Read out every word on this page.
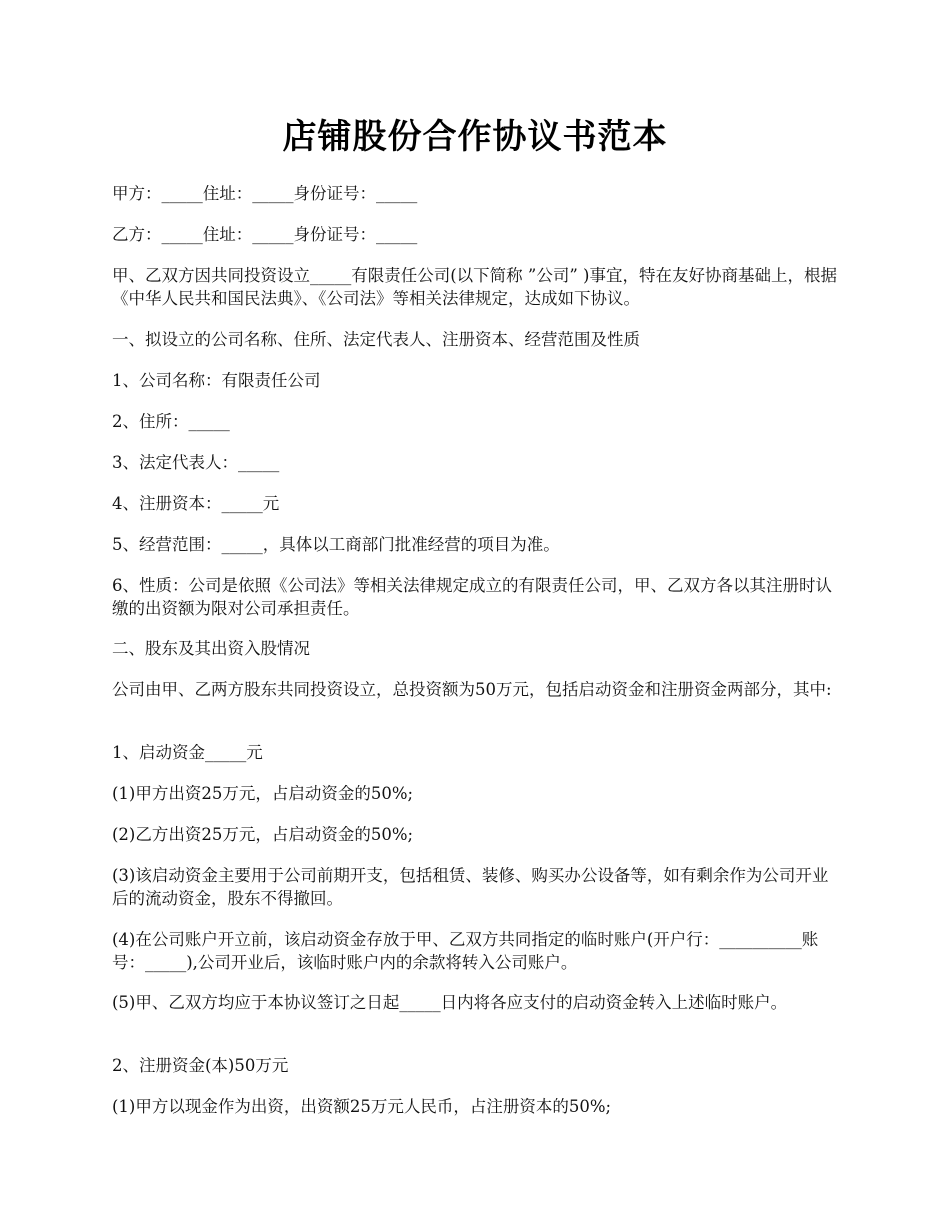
店铺股份合作协议书范本

甲方：_____住址：_____身份证号：_____

乙方：_____住址：_____身份证号：_____

甲、乙双方因共同投资设立_____有限责任公司(以下简称 ”公司” )事宜，特在友好协商基础上，根据《中华人民共和国民法典》、《公司法》等相关法律规定，达成如下协议。

一、拟设立的公司名称、住所、法定代表人、注册资本、经营范围及性质

1、公司名称：有限责任公司

2、住所：_____

3、法定代表人：_____

4、注册资本：_____元

5、经营范围：_____，具体以工商部门批准经营的项目为准。

6、性质：公司是依照《公司法》等相关法律规定成立的有限责任公司，甲、乙双方各以其注册时认缴的出资额为限对公司承担责任。

二、股东及其出资入股情况

公司由甲、乙两方股东共同投资设立，总投资额为50万元，包括启动资金和注册资金两部分，其中:

1、启动资金_____元

(1)甲方出资25万元，占启动资金的50%;

(2)乙方出资25万元，占启动资金的50%;

(3)该启动资金主要用于公司前期开支，包括租赁、装修、购买办公设备等，如有剩余作为公司开业后的流动资金，股东不得撤回。

(4)在公司账户开立前，该启动资金存放于甲、乙双方共同指定的临时账户(开户行：__________账号：_____),公司开业后，该临时账户内的余款将转入公司账户。

(5)甲、乙双方均应于本协议签订之日起_____日内将各应支付的启动资金转入上述临时账户。

2、注册资金(本)50万元

(1)甲方以现金作为出资，出资额25万元人民币，占注册资本的50%;
